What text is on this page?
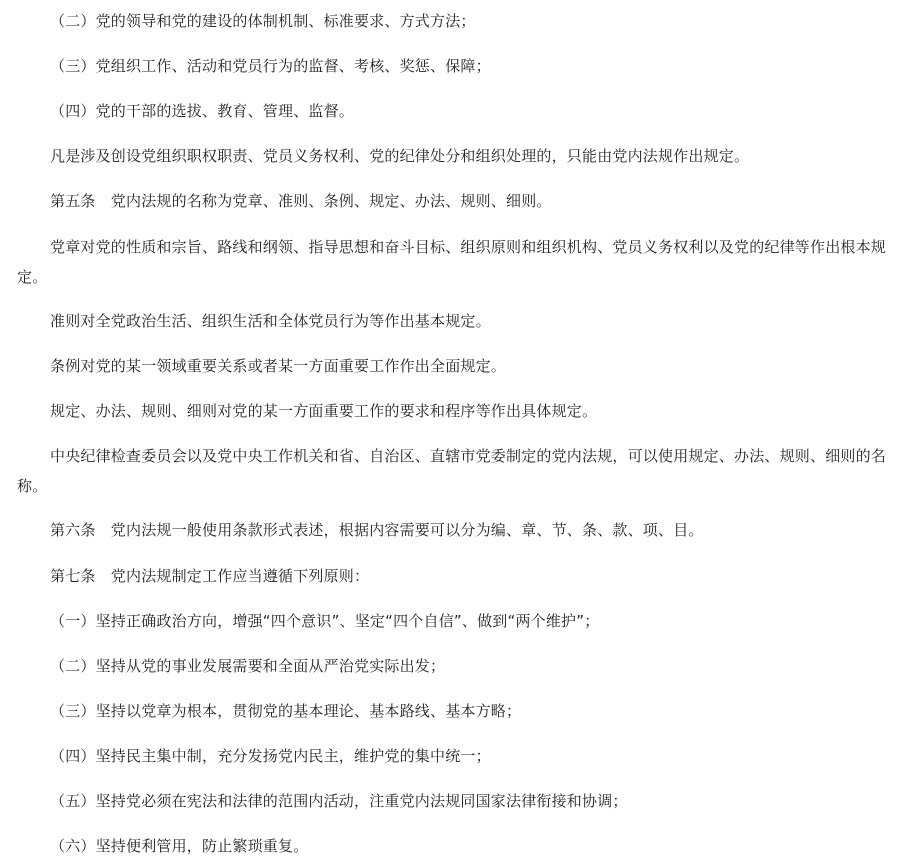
（二）党的领导和党的建设的体制机制、标准要求、方式方法；

（三）党组织工作、活动和党员行为的监督、考核、奖惩、保障；

（四）党的干部的选拔、教育、管理、监督。

凡是涉及创设党组织职权职责、党员义务权利、党的纪律处分和组织处理的，只能由党内法规作出规定。

第五条　党内法规的名称为党章、准则、条例、规定、办法、规则、细则。

党章对党的性质和宗旨、路线和纲领、指导思想和奋斗目标、组织原则和组织机构、党员义务权利以及党的纪律等作出根本规定。

准则对全党政治生活、组织生活和全体党员行为等作出基本规定。

条例对党的某一领域重要关系或者某一方面重要工作作出全面规定。

规定、办法、规则、细则对党的某一方面重要工作的要求和程序等作出具体规定。

中央纪律检查委员会以及党中央工作机关和省、自治区、直辖市党委制定的党内法规，可以使用规定、办法、规则、细则的名称。

第六条　党内法规一般使用条款形式表述，根据内容需要可以分为编、章、节、条、款、项、目。

第七条　党内法规制定工作应当遵循下列原则：

（一）坚持正确政治方向，增强“四个意识”、坚定“四个自信”、做到“两个维护”；

（二）坚持从党的事业发展需要和全面从严治党实际出发；

（三）坚持以党章为根本，贯彻党的基本理论、基本路线、基本方略；

（四）坚持民主集中制，充分发扬党内民主，维护党的集中统一；

（五）坚持党必须在宪法和法律的范围内活动，注重党内法规同国家法律衔接和协调；

（六）坚持便利管用，防止繁琐重复。
